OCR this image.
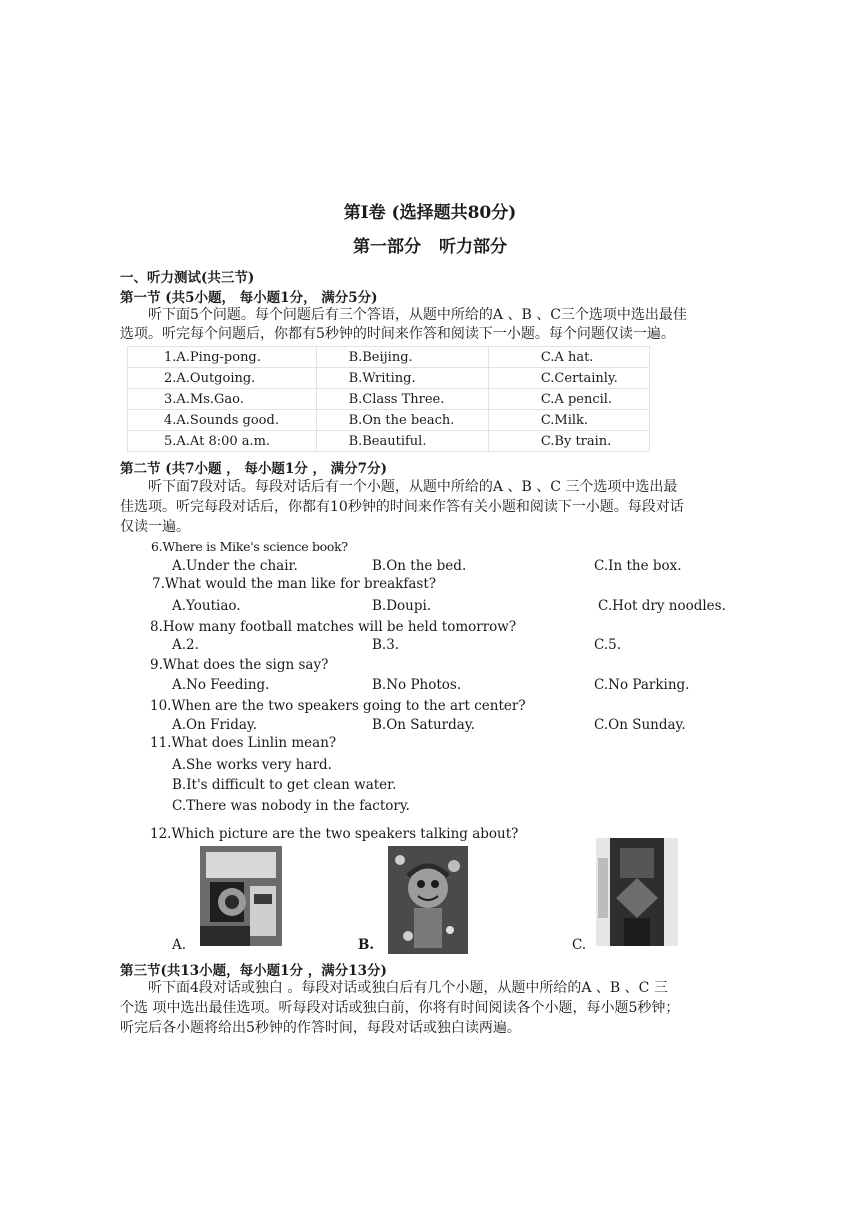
第Ⅰ卷 (选择题共80分)
第一部分 听力部分
一、听力测试(共三节)
第一节 (共5小题， 每小题1分， 满分5分)
听下面5个问题。每个问题后有三个答语，从题中所给的A 、B 、C三个选项中选出最佳
选项。听完每个问题后，你都有5秒钟的时间来作答和阅读下一小题。每个问题仅读一遍。
1.A.Ping-pong.	B.Beijing.	C.A hat.
2.A.Outgoing.	B.Writing.	C.Certainly.
3.A.Ms.Gao.	B.Class Three.	C.A pencil.
4.A.Sounds good.	B.On the beach.	C.Milk.
5.A.At 8:00 a.m.	B.Beautiful.	C.By train.
第二节 (共7小题 ， 每小题1分 ， 满分7分)
听下面7段对话。每段对话后有一个小题，从题中所给的A 、B 、C 三个选项中选出最
佳选项。听完每段对话后，你都有10秒钟的时间来作答有关小题和阅读下一小题。每段对话
仅读一遍。
6.Where is Mike's science book?
A.Under the chair.	B.On the bed.	C.In the box.
7.What would the man like for breakfast?
A.Youtiao.	B.Doupi.	C.Hot dry noodles.
8.How many football matches will be held tomorrow?
A.2.	B.3.	C.5.
9.What does the sign say?
A.No Feeding.	B.No Photos.	C.No Parking.
10.When are the two speakers going to the art center?
A.On Friday.	B.On Saturday.	C.On Sunday.
11.What does Linlin mean?
A.She works very hard.
B.It's difficult to get clean water.
C.There was nobody in the factory.
12.Which picture are the two speakers talking about?
A.	B.	C.
第三节(共13小题，每小题1分 ，满分13分)
听下面4段对话或独白 。每段对话或独白后有几个小题，从题中所给的A 、B 、C 三
个选 项中选出最佳选项。听每段对话或独白前，你将有时间阅读各个小题，每小题5秒钟；
听完后各小题将给出5秒钟的作答时间，每段对话或独白读两遍。
